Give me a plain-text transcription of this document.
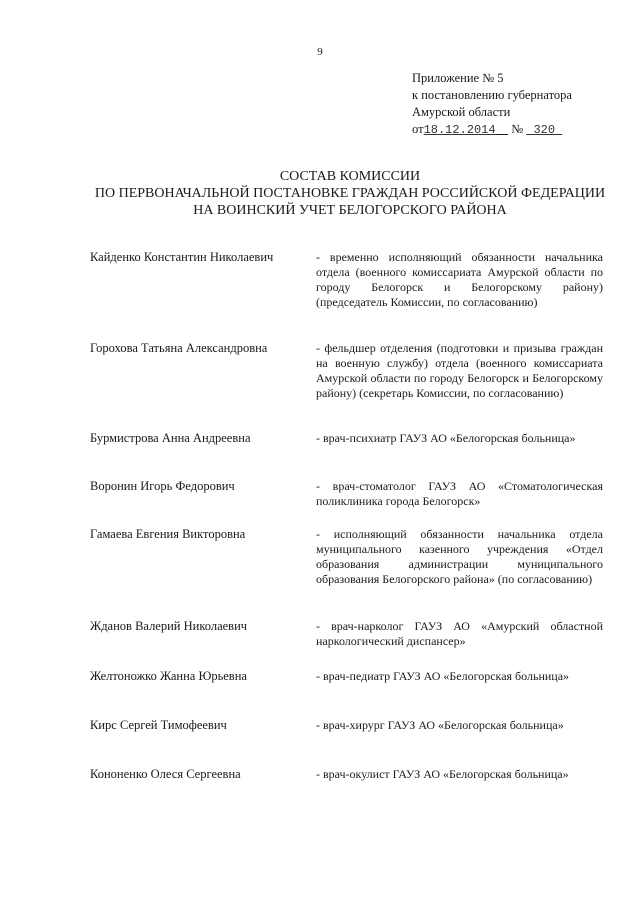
9
Приложение № 5
к постановлению губернатора
Амурской области
от18.12.2014 № 320
СОСТАВ КОМИССИИ
ПО ПЕРВОНАЧАЛЬНОЙ ПОСТАНОВКЕ ГРАЖДАН РОССИЙСКОЙ ФЕДЕРАЦИИ
НА ВОИНСКИЙ УЧЕТ БЕЛОГОРСКОГО РАЙОНА
Кайденко Константин Николаевич	- временно исполняющий обязанности начальника отдела (военного комиссариата Амурской области по городу Белогорск и Белогорскому району) (председатель Комиссии, по согласованию)
Горохова Татьяна Александровна	- фельдшер отделения (подготовки и призыва граждан на военную службу) отдела (военного комиссариата Амурской области по городу Белогорск и Белогорскому району) (секретарь Комиссии, по согласованию)
Бурмистрова Анна Андреевна	- врач-психиатр ГАУЗ АО «Белогорская больница»
Воронин Игорь Федорович	- врач-стоматолог ГАУЗ АО «Стоматологическая поликлиника города Белогорск»
Гамаева Евгения Викторовна	- исполняющий обязанности начальника отдела муниципального казенного учреждения «Отдел образования администрации муниципального образования Белогорского района» (по согласованию)
Жданов Валерий Николаевич	- врач-нарколог ГАУЗ АО «Амурский областной наркологический диспансер»
Желтоножко Жанна Юрьевна	- врач-педиатр ГАУЗ АО «Белогорская больница»
Кирс Сергей Тимофеевич	- врач-хирург ГАУЗ АО «Белогорская больница»
Кононенко Олеся Сергеевна	- врач-окулист ГАУЗ АО «Белогорская больница»
